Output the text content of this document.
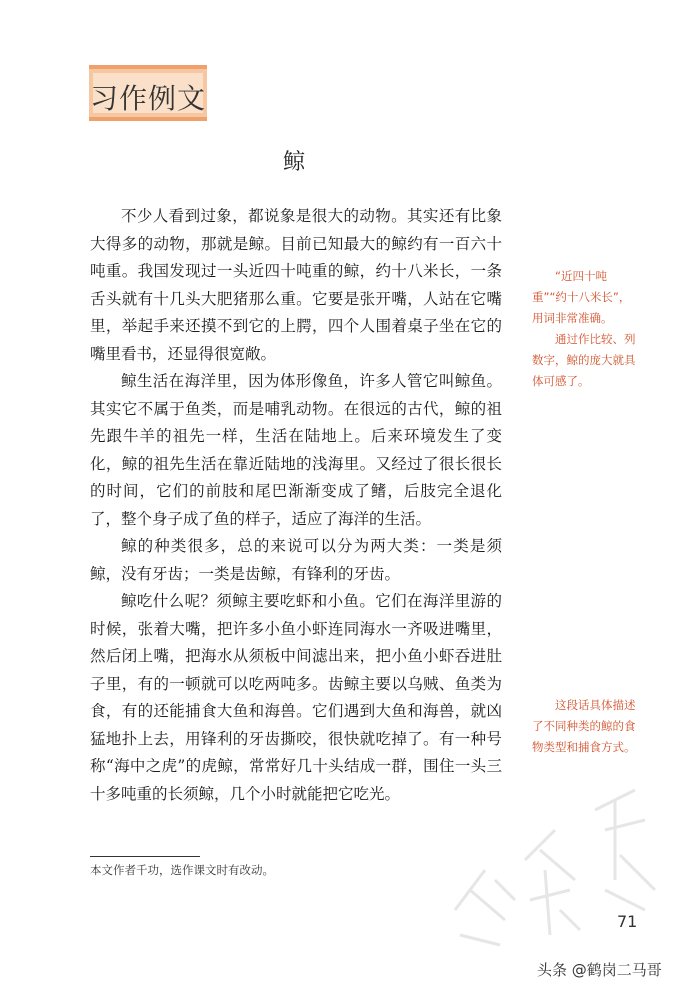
习作例文
鲸

不少人看到过象，都说象是很大的动物。其实还有比象大得多的动物，那就是鲸。目前已知最大的鲸约有一百六十吨重。我国发现过一头近四十吨重的鲸，约十八米长，一条舌头就有十几头大肥猪那么重。它要是张开嘴，人站在它嘴里，举起手来还摸不到它的上腭，四个人围着桌子坐在它的嘴里看书，还显得很宽敞。

鲸生活在海洋里，因为体形像鱼，许多人管它叫鲸鱼。其实它不属于鱼类，而是哺乳动物。在很远的古代，鲸的祖先跟牛羊的祖先一样，生活在陆地上。后来环境发生了变化，鲸的祖先生活在靠近陆地的浅海里。又经过了很长很长的时间，它们的前肢和尾巴渐渐变成了鳍，后肢完全退化了，整个身子成了鱼的样子，适应了海洋的生活。

鲸的种类很多，总的来说可以分为两大类：一类是须鲸，没有牙齿；一类是齿鲸，有锋利的牙齿。

鲸吃什么呢？须鲸主要吃虾和小鱼。它们在海洋里游的时候，张着大嘴，把许多小鱼小虾连同海水一齐吸进嘴里，然后闭上嘴，把海水从须板中间滤出来，把小鱼小虾吞进肚子里，有的一顿就可以吃两吨多。齿鲸主要以乌贼、鱼类为食，有的还能捕食大鱼和海兽。它们遇到大鱼和海兽，就凶猛地扑上去，用锋利的牙齿撕咬，很快就吃掉了。有一种号称“海中之虎”的虎鲸，常常好几十头结成一群，围住一头三十多吨重的长须鲸，几个小时就能把它吃光。

“近四十吨重”“约十八米长”，用词非常准确。

通过作比较、列数字，鲸的庞大就具体可感了。

这段话具体描述了不同种类的鲸的食物类型和捕食方式。

本文作者千功，选作课文时有改动。
71
头条 @鹤岗二马哥
